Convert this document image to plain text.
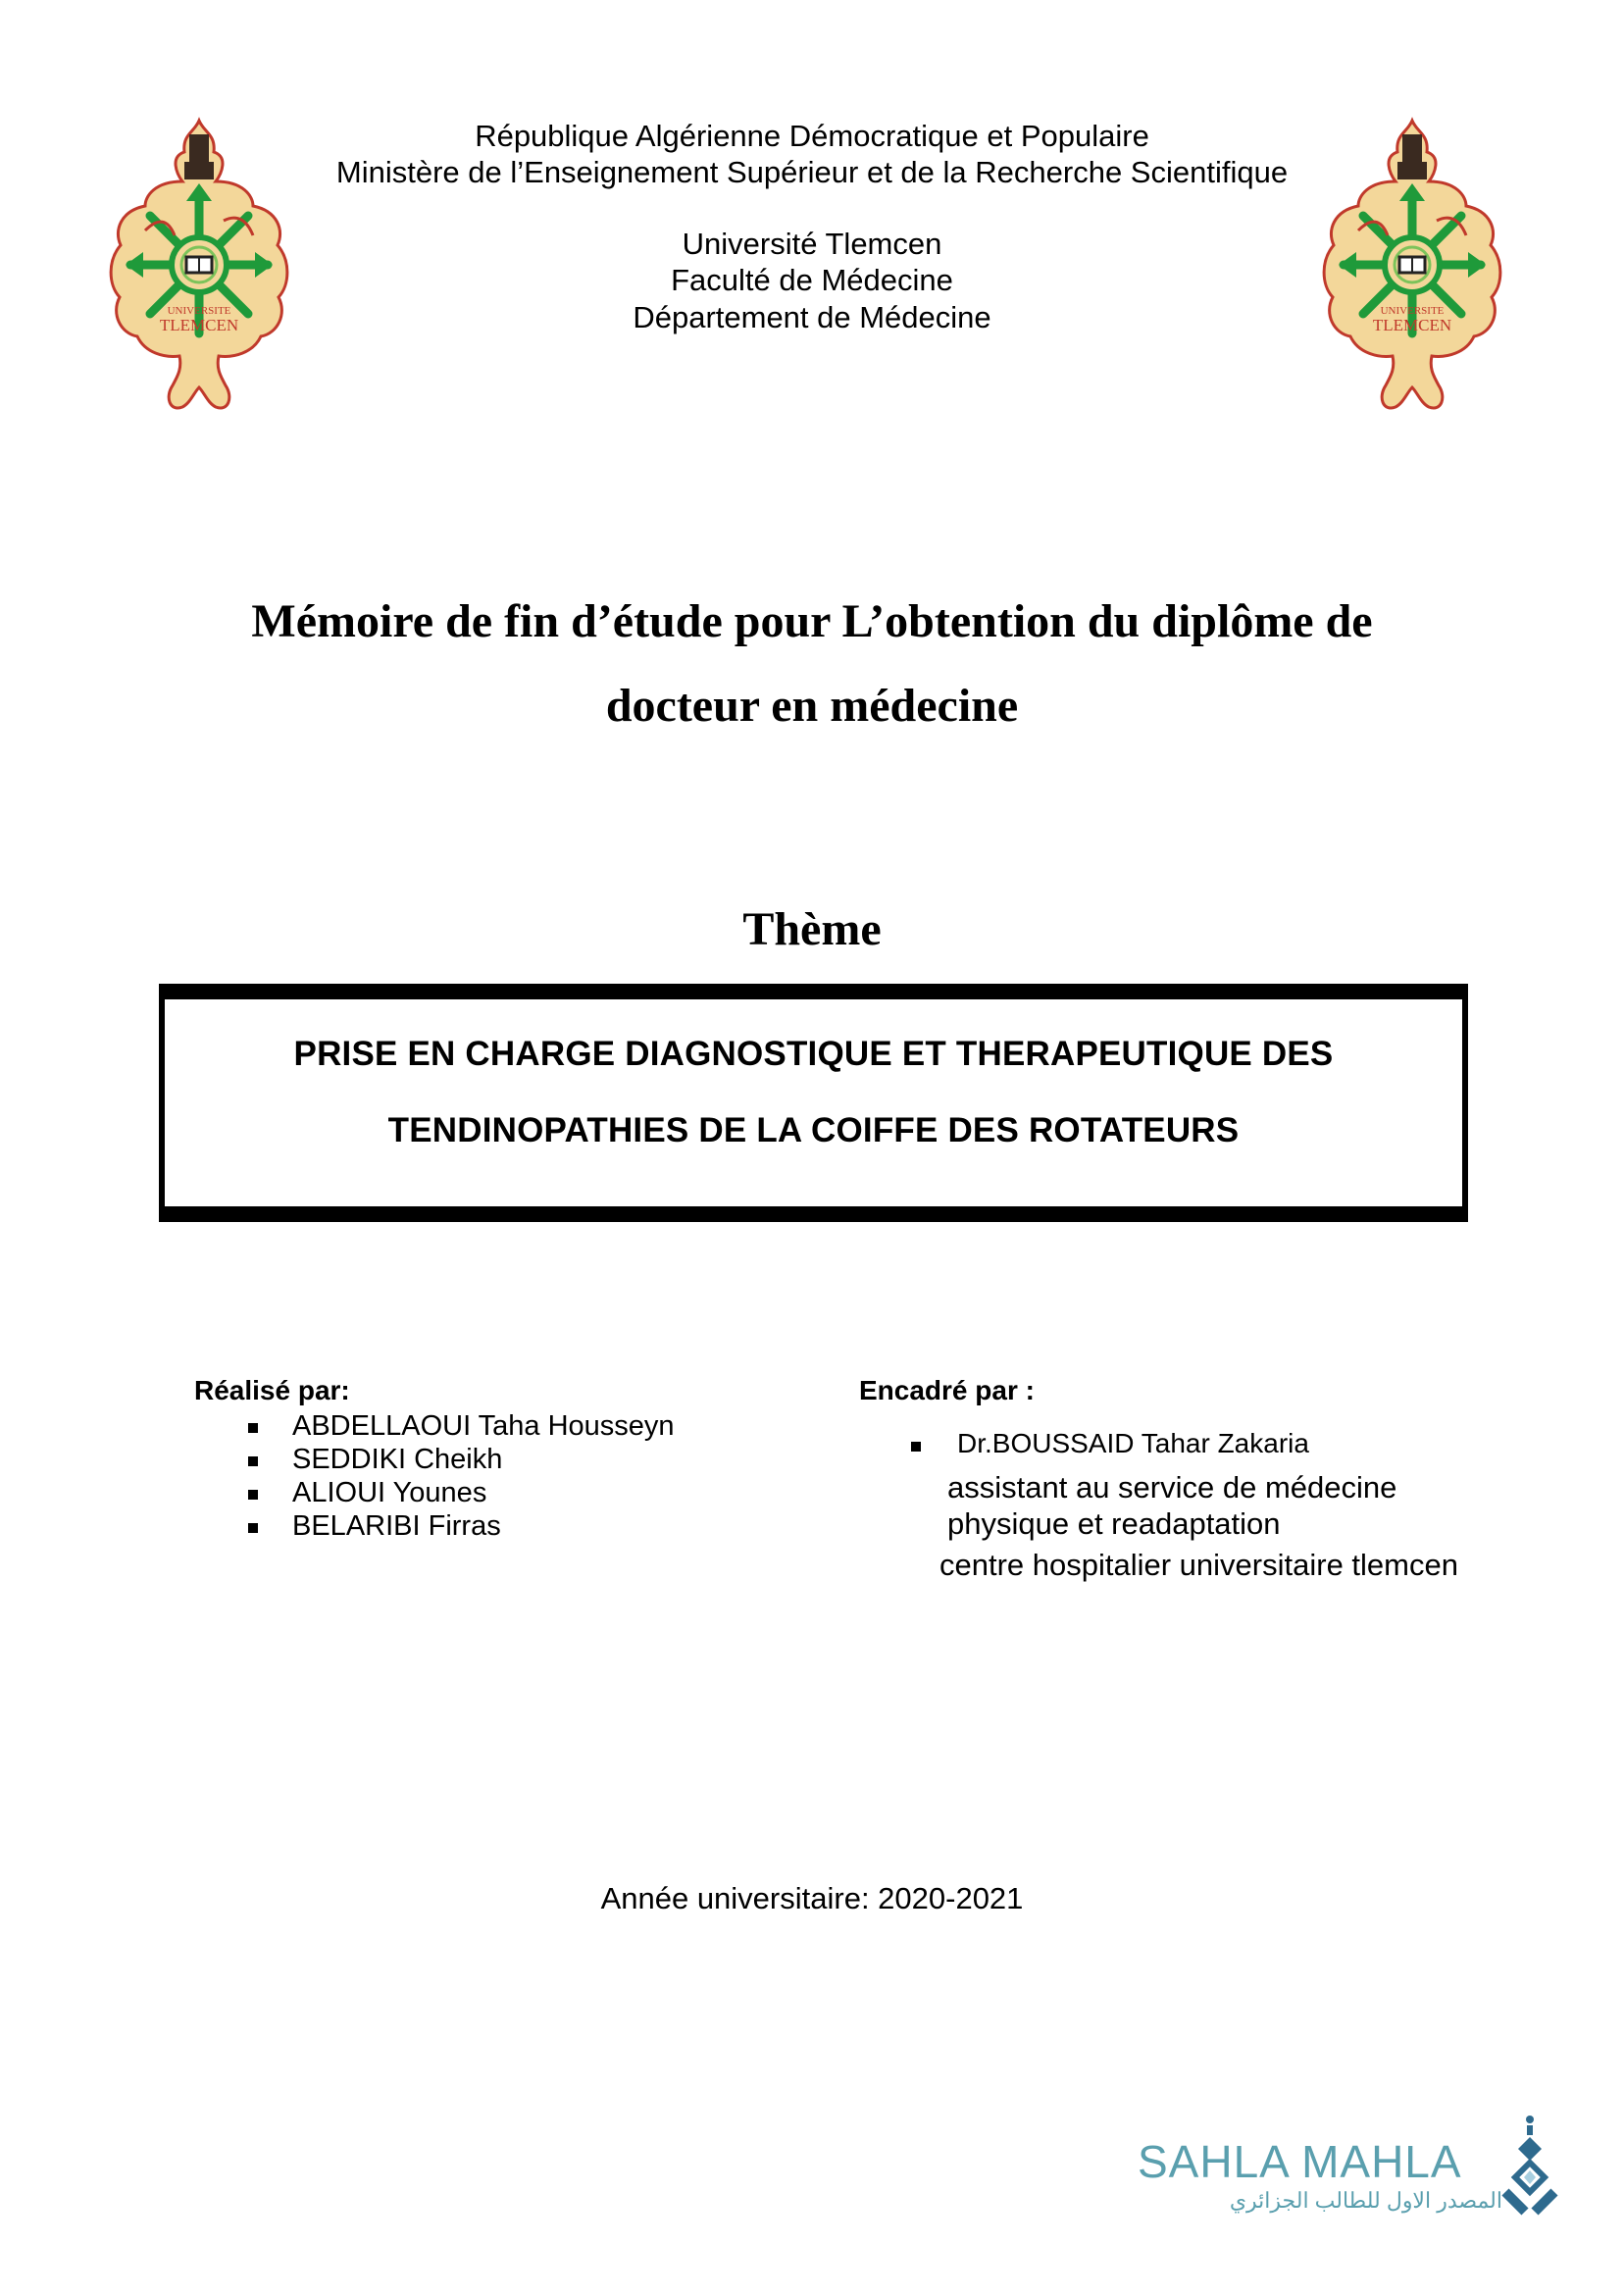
UNIVERSITE
TLEMCEN
UNIVERSITE
TLEMCEN
République Algérienne Démocratique et Populaire
Ministère de l’Enseignement Supérieur et de la Recherche Scientifique
Université Tlemcen
Faculté de Médecine
Département de Médecine
Mémoire de fin d’étude pour L’obtention du diplôme de
docteur en médecine
Thème
PRISE EN CHARGE DIAGNOSTIQUE ET THERAPEUTIQUE DES
TENDINOPATHIES DE LA COIFFE DES ROTATEURS
Réalisé par:
ABDELLAOUI Taha Housseyn
SEDDIKI Cheikh
ALIOUI Younes
BELARIBI Firras
Encadré par :
Dr.BOUSSAID Tahar Zakaria
assistant au service de médecine
physique et readaptation
centre hospitalier universitaire tlemcen
Année universitaire: 2020-2021
SAHLA MAHLA
المصدر الاول للطالب الجزائري
